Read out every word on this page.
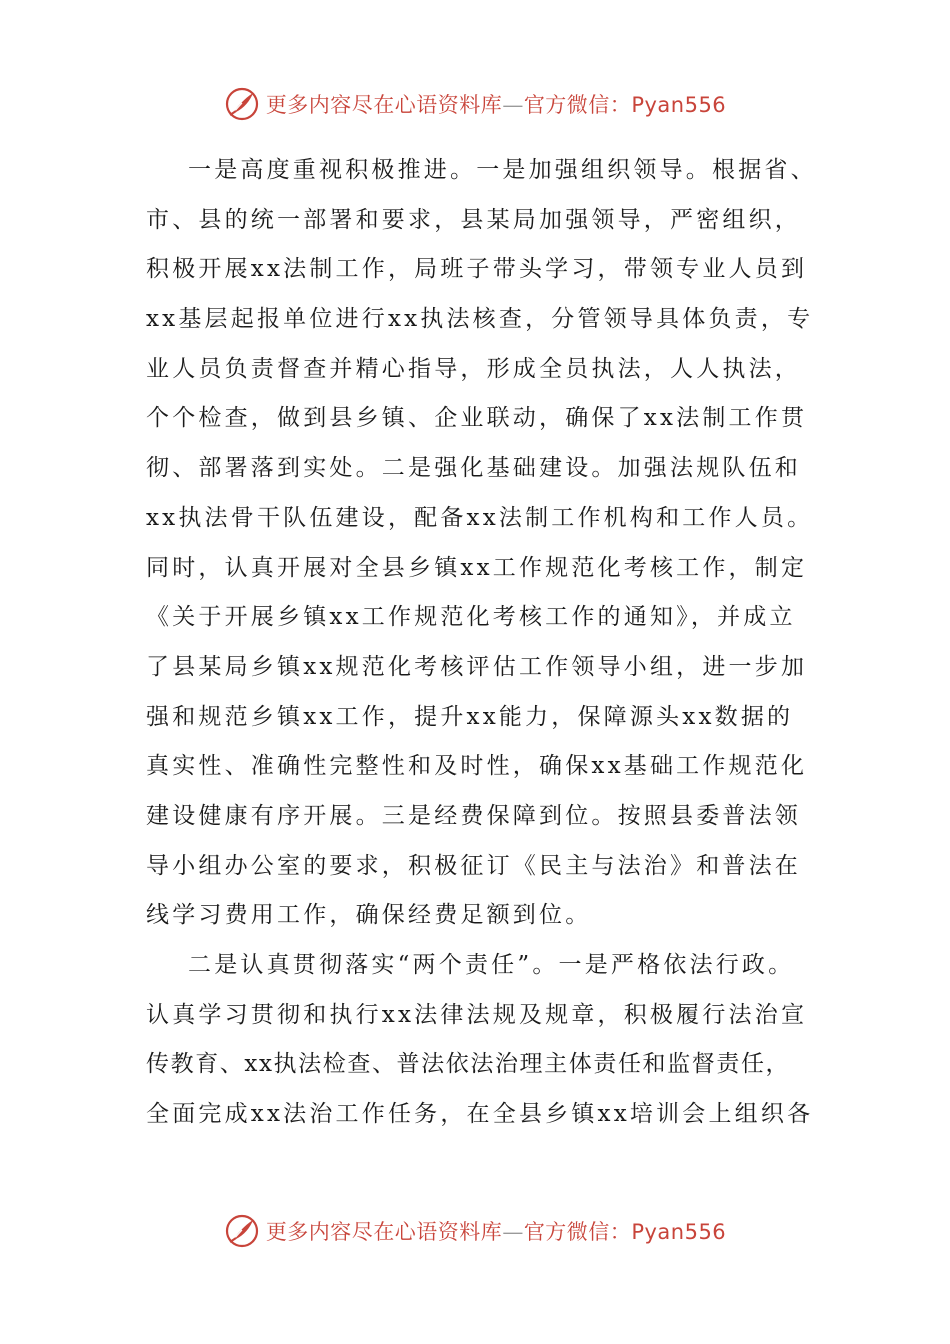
更多内容尽在心语资料库—官方微信：Pyan556
一是高度重视积极推进。一是加强组织领导。根据省、
市、县的统一部署和要求，县某局加强领导，严密组织，
积极开展xx法制工作，局班子带头学习，带领专业人员到
xx基层起报单位进行xx执法核查，分管领导具体负责，专
业人员负责督查并精心指导，形成全员执法，人人执法，
个个检查，做到县乡镇、企业联动，确保了xx法制工作贯
彻、部署落到实处。二是强化基础建设。加强法规队伍和
xx执法骨干队伍建设，配备xx法制工作机构和工作人员。
同时，认真开展对全县乡镇xx工作规范化考核工作，制定
《关于开展乡镇xx工作规范化考核工作的通知》，并成立
了县某局乡镇xx规范化考核评估工作领导小组，进一步加
强和规范乡镇xx工作，提升xx能力，保障源头xx数据的
真实性、准确性完整性和及时性，确保xx基础工作规范化
建设健康有序开展。三是经费保障到位。按照县委普法领
导小组办公室的要求，积极征订《民主与法治》和普法在
线学习费用工作，确保经费足额到位。
二是认真贯彻落实“两个责任”。一是严格依法行政。
认真学习贯彻和执行xx法律法规及规章，积极履行法治宣
传教育、xx执法检查、普法依法治理主体责任和监督责任，
全面完成xx法治工作任务，在全县乡镇xx培训会上组织各
更多内容尽在心语资料库—官方微信：Pyan556
